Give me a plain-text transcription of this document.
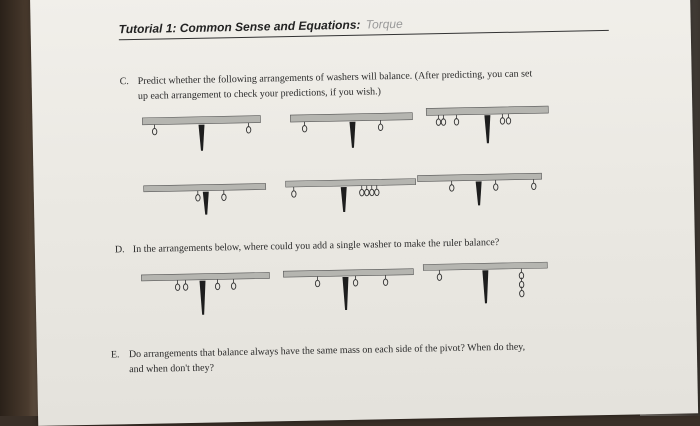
Tutorial 1: Common Sense and Equations: Torque
C. Predict whether the following arrangements of washers will balance. (After predicting, you can set
up each arrangement to check your predictions, if you wish.)
D. In the arrangements below, where could you add a single washer to make the ruler balance?
E. Do arrangements that balance always have the same mass on each side of the pivot? When do they,
and when don't they?
